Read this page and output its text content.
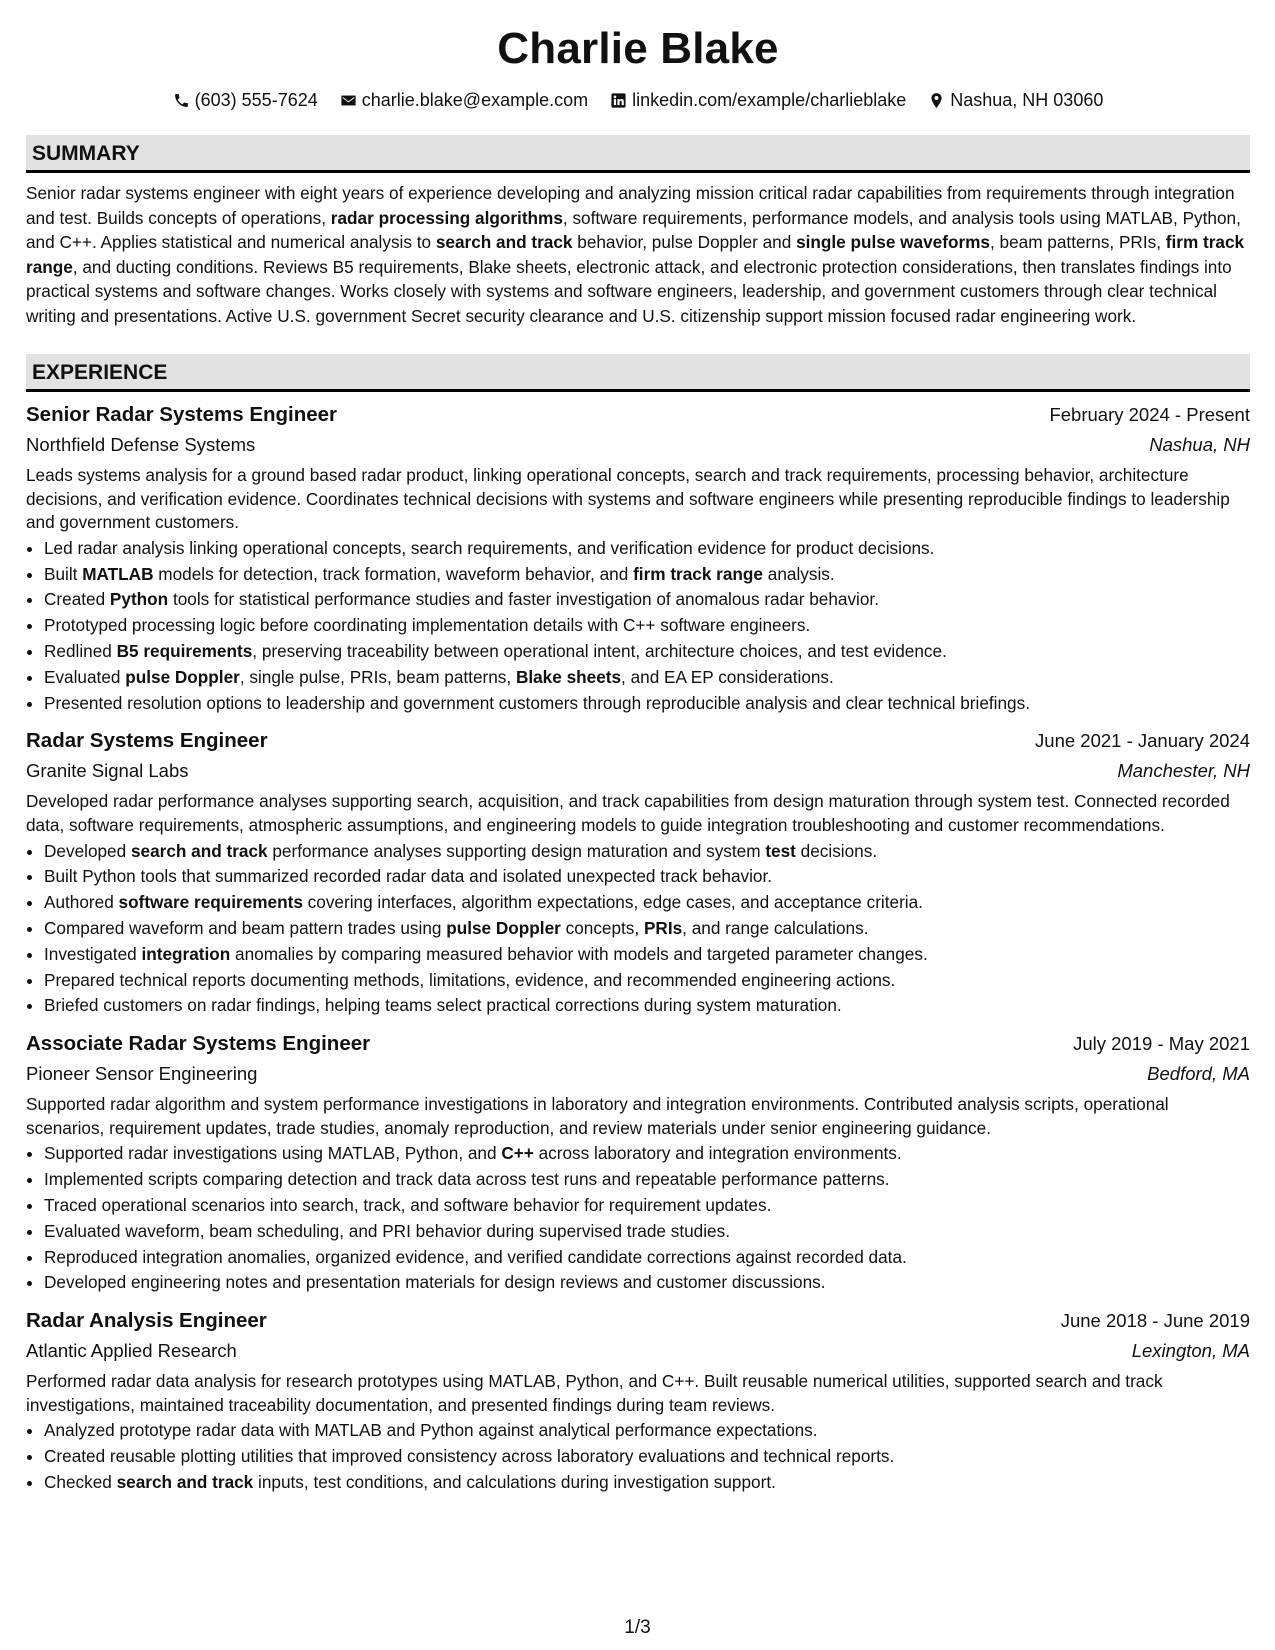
Charlie Blake
(603) 555-7624 charlie.blake@example.com linkedin.com/example/charlieblake Nashua, NH 03060
SUMMARY
Senior radar systems engineer with eight years of experience developing and analyzing mission critical radar capabilities from requirements through integration and test. Builds concepts of operations, radar processing algorithms, software requirements, performance models, and analysis tools using MATLAB, Python, and C++. Applies statistical and numerical analysis to search and track behavior, pulse Doppler and single pulse waveforms, beam patterns, PRIs, firm track range, and ducting conditions. Reviews B5 requirements, Blake sheets, electronic attack, and electronic protection considerations, then translates findings into practical systems and software changes. Works closely with systems and software engineers, leadership, and government customers through clear technical writing and presentations. Active U.S. government Secret security clearance and U.S. citizenship support mission focused radar engineering work.
EXPERIENCE
Senior Radar Systems Engineer	February 2024 - Present
Northfield Defense Systems	Nashua, NH
Leads systems analysis for a ground based radar product, linking operational concepts, search and track requirements, processing behavior, architecture decisions, and verification evidence. Coordinates technical decisions with systems and software engineers while presenting reproducible findings to leadership and government customers.
• Led radar analysis linking operational concepts, search requirements, and verification evidence for product decisions.
• Built MATLAB models for detection, track formation, waveform behavior, and firm track range analysis.
• Created Python tools for statistical performance studies and faster investigation of anomalous radar behavior.
• Prototyped processing logic before coordinating implementation details with C++ software engineers.
• Redlined B5 requirements, preserving traceability between operational intent, architecture choices, and test evidence.
• Evaluated pulse Doppler, single pulse, PRIs, beam patterns, Blake sheets, and EA EP considerations.
• Presented resolution options to leadership and government customers through reproducible analysis and clear technical briefings.
Radar Systems Engineer	June 2021 - January 2024
Granite Signal Labs	Manchester, NH
Developed radar performance analyses supporting search, acquisition, and track capabilities from design maturation through system test. Connected recorded data, software requirements, atmospheric assumptions, and engineering models to guide integration troubleshooting and customer recommendations.
• Developed search and track performance analyses supporting design maturation and system test decisions.
• Built Python tools that summarized recorded radar data and isolated unexpected track behavior.
• Authored software requirements covering interfaces, algorithm expectations, edge cases, and acceptance criteria.
• Compared waveform and beam pattern trades using pulse Doppler concepts, PRIs, and range calculations.
• Investigated integration anomalies by comparing measured behavior with models and targeted parameter changes.
• Prepared technical reports documenting methods, limitations, evidence, and recommended engineering actions.
• Briefed customers on radar findings, helping teams select practical corrections during system maturation.
Associate Radar Systems Engineer	July 2019 - May 2021
Pioneer Sensor Engineering	Bedford, MA
Supported radar algorithm and system performance investigations in laboratory and integration environments. Contributed analysis scripts, operational scenarios, requirement updates, trade studies, anomaly reproduction, and review materials under senior engineering guidance.
• Supported radar investigations using MATLAB, Python, and C++ across laboratory and integration environments.
• Implemented scripts comparing detection and track data across test runs and repeatable performance patterns.
• Traced operational scenarios into search, track, and software behavior for requirement updates.
• Evaluated waveform, beam scheduling, and PRI behavior during supervised trade studies.
• Reproduced integration anomalies, organized evidence, and verified candidate corrections against recorded data.
• Developed engineering notes and presentation materials for design reviews and customer discussions.
Radar Analysis Engineer	June 2018 - June 2019
Atlantic Applied Research	Lexington, MA
Performed radar data analysis for research prototypes using MATLAB, Python, and C++. Built reusable numerical utilities, supported search and track investigations, maintained traceability documentation, and presented findings during team reviews.
• Analyzed prototype radar data with MATLAB and Python against analytical performance expectations.
• Created reusable plotting utilities that improved consistency across laboratory evaluations and technical reports.
• Checked search and track inputs, test conditions, and calculations during investigation support.
1/3
